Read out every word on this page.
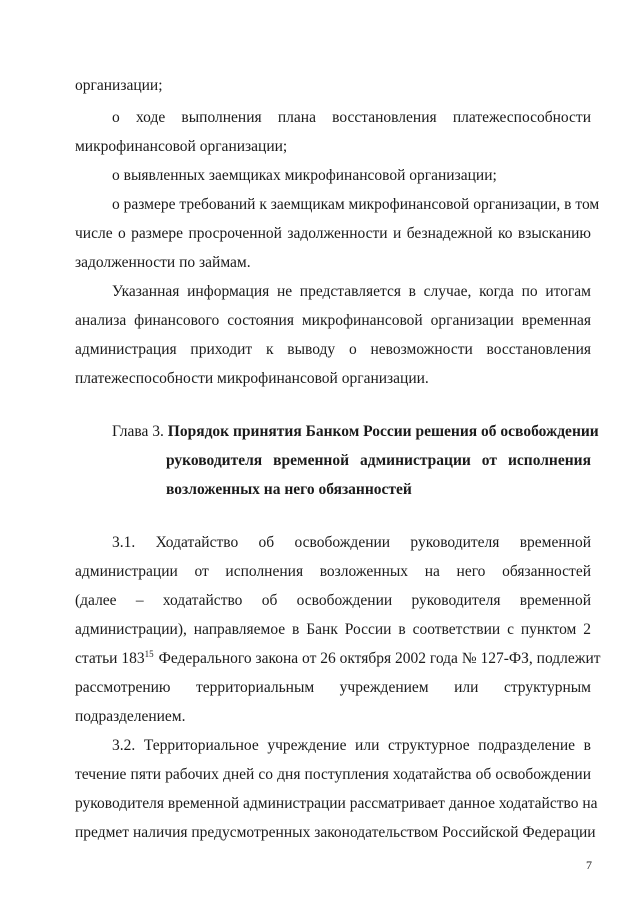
организации;
о ходе выполнения плана восстановления платежеспособности
микрофинансовой организации;
о выявленных заемщиках микрофинансовой организации;
о размере требований к заемщикам микрофинансовой организации, в том
числе о размере просроченной задолженности и безнадежной ко взысканию
задолженности по займам.
Указанная информация не представляется в случае, когда по итогам
анализа финансового состояния микрофинансовой организации временная
администрация приходит к выводу о невозможности восстановления
платежеспособности микрофинансовой организации.
Глава 3. Порядок принятия Банком России решения об освобождении
руководителя временной администрации от исполнения
возложенных на него обязанностей
3.1. Ходатайство об освобождении руководителя временной
администрации от исполнения возложенных на него обязанностей
(далее – ходатайство об освобождении руководителя временной
администрации), направляемое в Банк России в соответствии с пунктом 2
статьи $183^{15}$ Федерального закона от 26 октября 2002 года № 127-ФЗ, подлежит
рассмотрению территориальным учреждением или структурным
подразделением.
3.2. Территориальное учреждение или структурное подразделение в
течение пяти рабочих дней со дня поступления ходатайства об освобождении
руководителя временной администрации рассматривает данное ходатайство на
предмет наличия предусмотренных законодательством Российской Федерации
7
